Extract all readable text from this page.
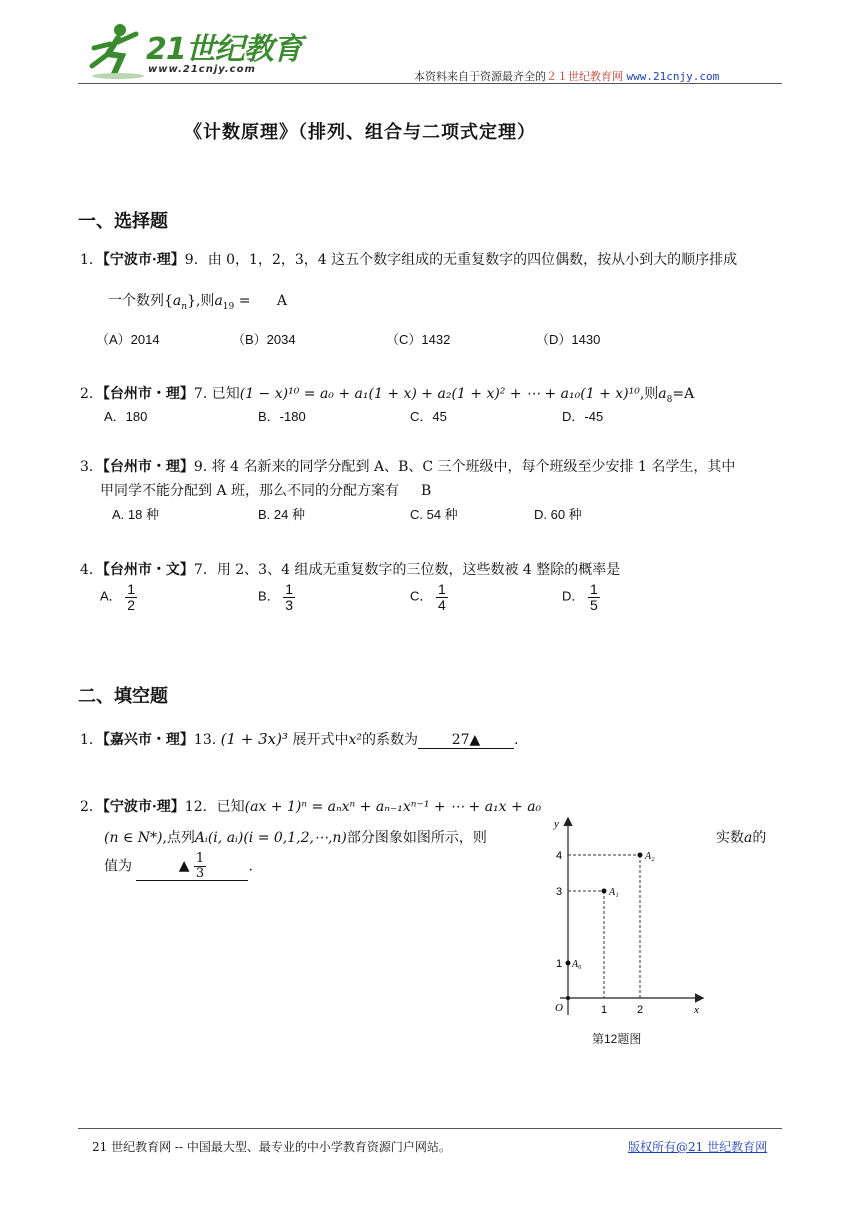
21世纪教育
www.21cnjy.com
本资料来自于资源最齐全的２１世纪教育网 www.21cnjy.com
《计数原理》（排列、组合与二项式定理）
一、选择题
1．【宁波市·理】9．由 0，1，2，3，4 这五个数字组成的无重复数字的四位偶数，按从小到大的顺序排成
一个数列$\{a_n\}$,则$a_{19} = A$
（A）2014	（B）2034	（C）1432	（D）1430
2．【台州市・理】7. 已知(1 − x)¹⁰ = a₀ + a₁(1 + x) + a₂(1 + x)² + ⋯ + a₁₀(1 + x)¹⁰,则$a_8=A$
A．180	B．-180	C．45	D．-45
3．【台州市・理】9. 将 4 名新来的同学分配到 A、B、C 三个班级中，每个班级至少安排 1 名学生，其中
甲同学不能分配到 A 班，那么不同的分配方案有 B
A. 18 种	B. 24 种	C. 54 种	D. 60 种
4．【台州市・文】7．用 2、3、4 组成无重复数字的三位数，这些数被 4 整除的概率是
A． $\frac{1}{2}$	B． $\frac{1}{3}$	C． $\frac{1}{4}$	D． $\frac{1}{5}$
二、填空题
1．【嘉兴市・理】13. (1 + 3x)³ 展开式中x²的系数为 27▲ .
2．【宁波市·理】12．已知(ax + 1)ⁿ = aₙxⁿ + aₙ₋₁xⁿ⁻¹ + ⋯ + a₁x + a₀
(n ∈ N*),点列Aᵢ(i, aᵢ)(i = 0,1,2,⋯,n)部分图象如图所示，则	实数a的
值为	▲ $\frac{1}{3}$	.
y
x
O
4
3
1
1	2
A₀
A₁
A₂
第12题图
21 世纪教育网 -- 中国最大型、最专业的中小学教育资源门户网站。	版权所有@21 世纪教育网
